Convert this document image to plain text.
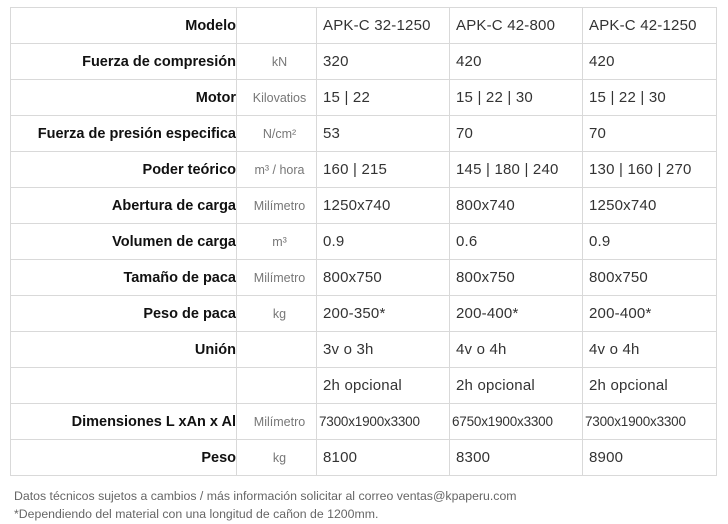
Modelo		APK-C 32-1250	APK-C 42-800	APK-C 42-1250
Fuerza de compresión	kN	320	420	420
Motor	Kilovatios	15 | 22	15 | 22 | 30	15 | 22 | 30
Fuerza de presión especifica	N/cm²	53	70	70
Poder teórico	m³ / hora	160 | 215	145 | 180 | 240	130 | 160 | 270
Abertura de carga	Milímetro	1250x740	800x740	1250x740
Volumen de carga	m³	0.9	0.6	0.9
Tamaño de paca	Milímetro	800x750	800x750	800x750
Peso de paca	kg	200-350*	200-400*	200-400*
Unión		3v o 3h	4v o 4h	4v o 4h
		2h opcional	2h opcional	2h opcional
Dimensiones L xAn x Al	Milímetro	7300x1900x3300	6750x1900x3300	7300x1900x3300
Peso	kg	8100	8300	8900
Datos técnicos sujetos a cambios / más información solicitar al correo ventas@kpaperu.com
*Dependiendo del material con una longitud de cañon de 1200mm.
